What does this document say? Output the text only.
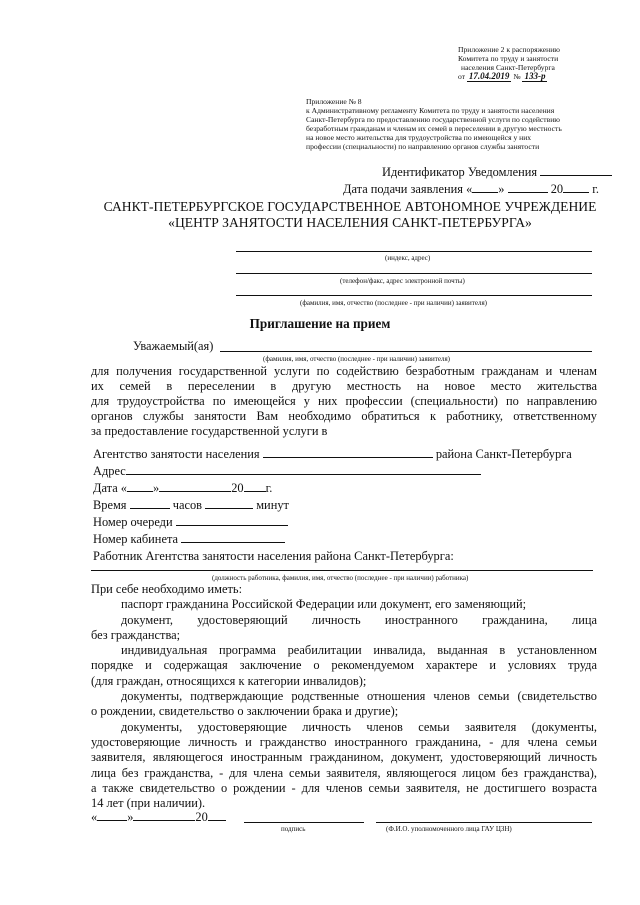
Приложение 2 к распоряжению
Комитета по труду и занятости
населения Санкт-Петербурга
от 17.04.2019 № 133-р
Приложение № 8
к Административному регламенту Комитета по труду и занятости населения
Санкт-Петербурга по предоставлению государственной услуги по содействию
безработным гражданам и членам их семей в переселении в другую местность
на новое место жительства для трудоустройства по имеющейся у них
профессии (специальности) по направлению органов службы занятости
Идентификатор Уведомления
Дата подачи заявления « »	20 г.
САНКТ-ПЕТЕРБУРГСКОЕ ГОСУДАРСТВЕННОЕ АВТОНОМНОЕ УЧРЕЖДЕНИЕ
«ЦЕНТР ЗАНЯТОСТИ НАСЕЛЕНИЯ САНКТ-ПЕТЕРБУРГА»
(индекс, адрес)
(телефон/факс, адрес электронной почты)
(фамилия, имя, отчество (последнее - при наличии) заявителя)
Приглашение на прием
Уважаемый(ая)
(фамилия, имя, отчество (последнее - при наличии) заявителя)
для получения государственной услуги по содействию безработным гражданам и членам
их семей в переселении в другую местность на новое место жительства
для трудоустройства по имеющейся у них профессии (специальности) по направлению
органов службы занятости Вам необходимо обратиться к работнику, ответственному
за предоставление государственной услуги в
Агентство занятости населения	района Санкт-Петербурга
Адрес
Дата « »	20 г.
Время	часов	минут
Номер очереди
Номер кабинета
Работник Агентства занятости населения района Санкт-Петербурга:
(должность работника, фамилия, имя, отчество (последнее - при наличии) работника)
При себе необходимо иметь:
паспорт гражданина Российской Федерации или документ, его заменяющий;
документ, удостоверяющий личность иностранного гражданина, лица
без гражданства;
индивидуальная программа реабилитации инвалида, выданная в установленном
порядке и содержащая заключение о рекомендуемом характере и условиях труда
(для граждан, относящихся к категории инвалидов);
документы, подтверждающие родственные отношения членов семьи (свидетельство
о рождении, свидетельство о заключении брака и другие);
документы, удостоверяющие личность членов семьи заявителя (документы,
удостоверяющие личность и гражданство иностранного гражданина, - для члена семьи
заявителя, являющегося иностранным гражданином, документ, удостоверяющий личность
лица без гражданства, - для члена семьи заявителя, являющегося лицом без гражданства),
а также свидетельство о рождении - для членов семьи заявителя, не достигшего возраста
14 лет (при наличии).
« »	20
подпись	(Ф.И.О. уполномоченного лица ГАУ ЦЗН)
